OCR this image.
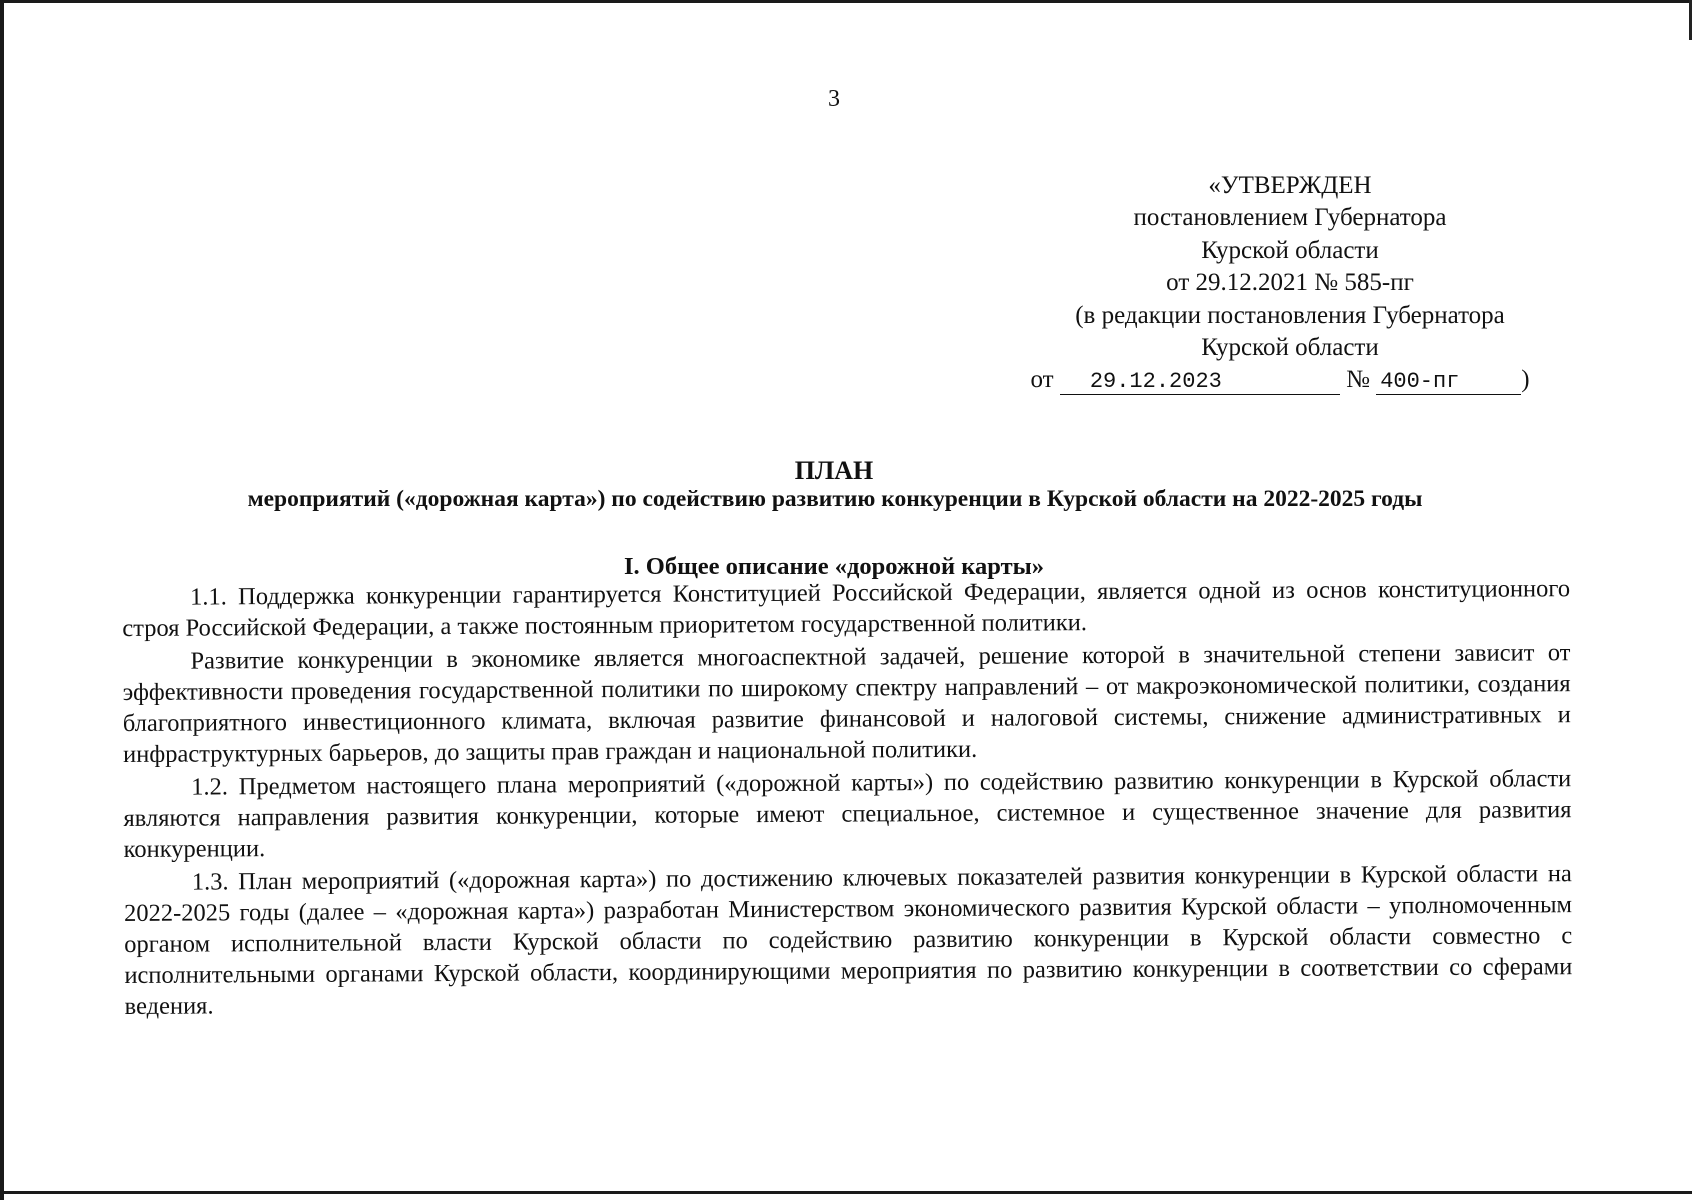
3
«УТВЕРЖДЕН
постановлением Губернатора
Курской области
от 29.12.2021 № 585-пг
(в редакции постановления Губернатора
Курской области
от 29.12.2023	№ 400-пг )
ПЛАН
мероприятий («дорожная карта») по содействию развитию конкуренции в Курской области на 2022-2025 годы
I. Общее описание «дорожной карты»

1.1. Поддержка конкуренции гарантируется Конституцией Российской Федерации, является одной из основ конституционного строя Российской Федерации, а также постоянным приоритетом государственной политики.

Развитие конкуренции в экономике является многоаспектной задачей, решение которой в значительной степени зависит от эффективности проведения государственной политики по широкому спектру направлений – от макроэкономической политики, создания благоприятного инвестиционного климата, включая развитие финансовой и налоговой системы, снижение административных и инфраструктурных барьеров, до защиты прав граждан и национальной политики.

1.2. Предметом настоящего плана мероприятий («дорожной карты») по содействию развитию конкуренции в Курской области являются направления развития конкуренции, которые имеют специальное, системное и существенное значение для развития конкуренции.

1.3. План мероприятий («дорожная карта») по достижению ключевых показателей развития конкуренции в Курской области на 2022-2025 годы (далее – «дорожная карта») разработан Министерством экономического развития Курской области – уполномоченным органом исполнительной власти Курской области по содействию развитию конкуренции в Курской области совместно с исполнительными органами Курской области, координирующими мероприятия по развитию конкуренции в соответствии со сферами ведения.
